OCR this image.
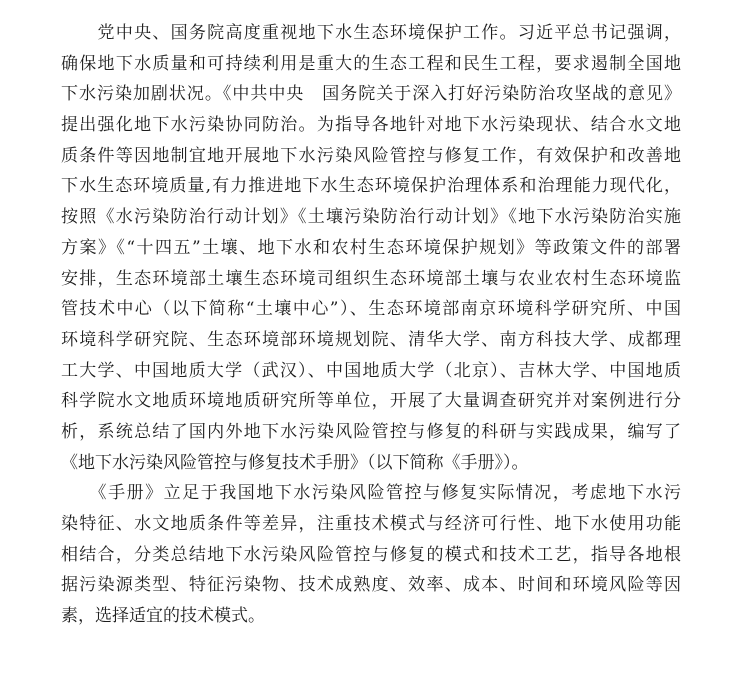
　　党中央、国务院高度重视地下水生态环境保护工作。习近平总书记强调，
确保地下水质量和可持续利用是重大的生态工程和民生工程，要求遏制全国地
下水污染加剧状况。《中共中央　国务院关于深入打好污染防治攻坚战的意见》
提出强化地下水污染协同防治。为指导各地针对地下水污染现状、结合水文地
质条件等因地制宜地开展地下水污染风险管控与修复工作，有效保护和改善地
下水生态环境质量,有力推进地下水生态环境保护治理体系和治理能力现代化，
按照《水污染防治行动计划》《土壤污染防治行动计划》《地下水污染防治实施
方案》《“十四五”土壤、地下水和农村生态环境保护规划》等政策文件的部署
安排，生态环境部土壤生态环境司组织生态环境部土壤与农业农村生态环境监
管技术中心（以下简称“土壤中心”）、生态环境部南京环境科学研究所、中国
环境科学研究院、生态环境部环境规划院、清华大学、南方科技大学、成都理
工大学、中国地质大学（武汉）、中国地质大学（北京）、吉林大学、中国地质
科学院水文地质环境地质研究所等单位，开展了大量调查研究并对案例进行分
析，系统总结了国内外地下水污染风险管控与修复的科研与实践成果，编写了
《地下水污染风险管控与修复技术手册》（以下简称《手册》）。
　　《手册》立足于我国地下水污染风险管控与修复实际情况，考虑地下水污
染特征、水文地质条件等差异，注重技术模式与经济可行性、地下水使用功能
相结合，分类总结地下水污染风险管控与修复的模式和技术工艺，指导各地根
据污染源类型、特征污染物、技术成熟度、效率、成本、时间和环境风险等因
素，选择适宜的技术模式。
